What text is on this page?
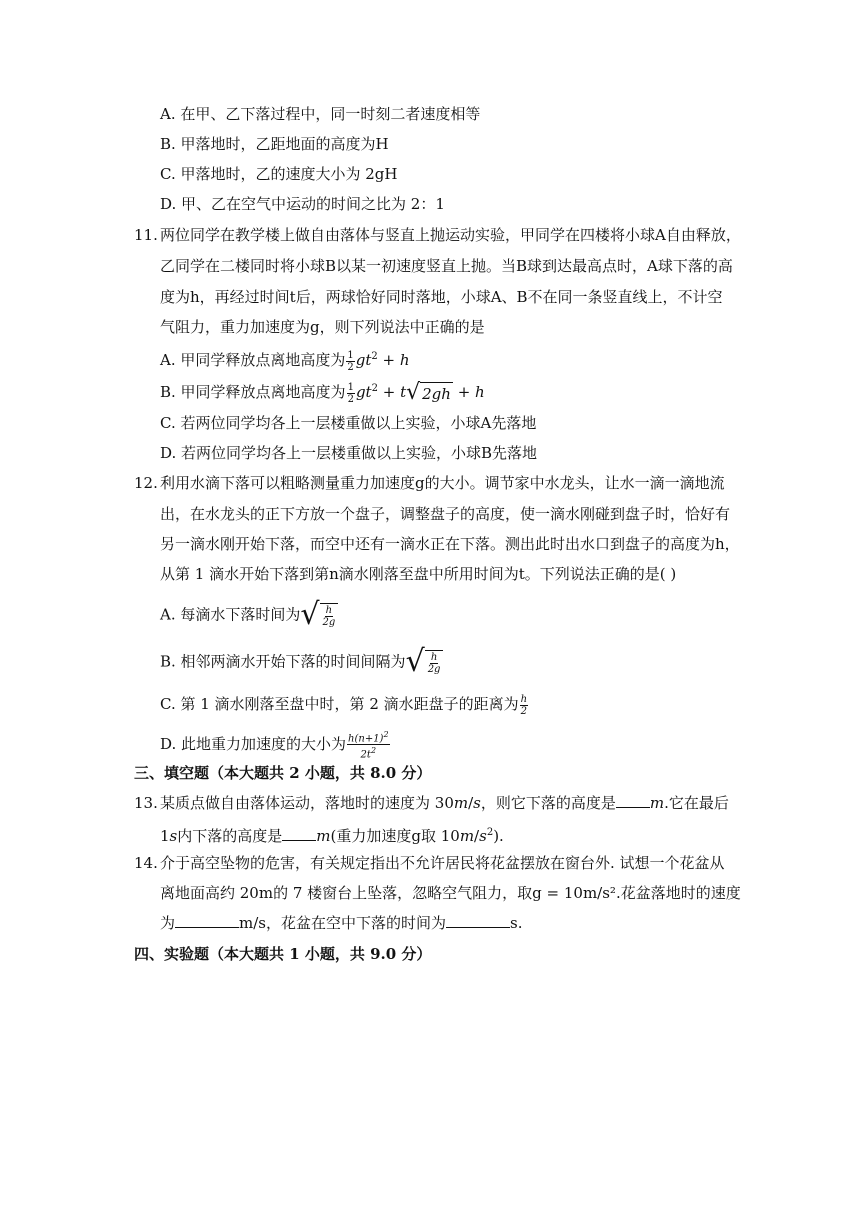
A. 在甲、乙下落过程中，同一时刻二者速度相等
B. 甲落地时，乙距地面的高度为H
C. 甲落地时，乙的速度大小为 2gH
D. 甲、乙在空气中运动的时间之比为 2：1
11. 两位同学在教学楼上做自由落体与竖直上抛运动实验，甲同学在四楼将小球A自由释放，
乙同学在二楼同时将小球B以某一初速度竖直上抛。当B球到达最高点时，A球下落的高
度为h，再经过时间t后，两球恰好同时落地，小球A、B不在同一条竖直线上，不计空
气阻力，重力加速度为g，则下列说法中正确的是
A. 甲同学释放点离地高度为 $\frac{1}{2} gt^2 + h$
B. 甲同学释放点离地高度为 $\frac{1}{2} gt^2 + t$ √ 2gh + h
C. 若两位同学均各上一层楼重做以上实验，小球A先落地
D. 若两位同学均各上一层楼重做以上实验，小球B先落地
12. 利用水滴下落可以粗略测量重力加速度g的大小。调节家中水龙头，让水一滴一滴地流
出，在水龙头的正下方放一个盘子，调整盘子的高度，使一滴水刚碰到盘子时，恰好有
另一滴水刚开始下落，而空中还有一滴水正在下落。测出此时出水口到盘子的高度为h，
从第 1 滴水开始下落到第n滴水刚落至盘中所用时间为t。下列说法正确的是( )
A. 每滴水下落时间为 √ $\frac{h}{2g}$
B. 相邻两滴水开始下落的时间间隔为 √ $\frac{h}{2g}$
C. 第 1 滴水刚落至盘中时，第 2 滴水距盘子的距离为 $\frac{h}{2}$
D. 此地重力加速度的大小为 $\frac{h(n+1)^2}{2t^2}$
三、填空题（本大题共 2 小题，共 8.0 分）
13. 某质点做自由落体运动，落地时的速度为 30m/s，则它下落的高度是 m.它在最后
1s内下落的高度是 m(重力加速度g取 $10m/s^2$).
14. 介于高空坠物的危害，有关规定指出不允许居民将花盆摆放在窗台外. 试想一个花盆从
离地面高约 20m的 7 楼窗台上坠落，忽略空气阻力，取g = 10m/s².花盆落地时的速度
为	m/s，花盆在空中下落的时间为	s.
四、实验题（本大题共 1 小题，共 9.0 分）
